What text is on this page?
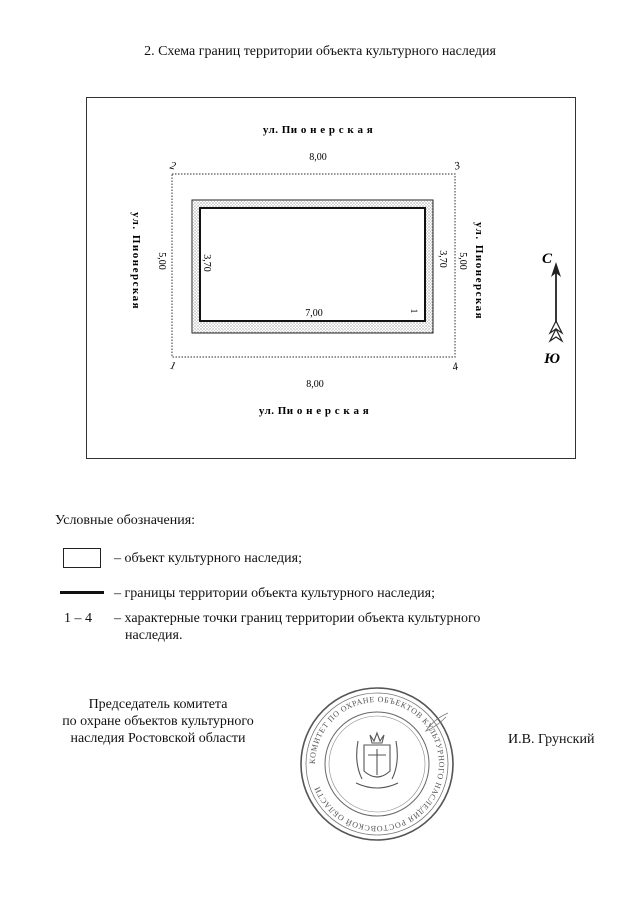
2. Схема границ территории объекта культурного наследия
ул. Пи о н е р с к а я
ул. Пи о н е р с к а я
ул. Пионерская	ул. Пионерская
8,00
8,00
5,00	5,00
7,00
3,70	3,70
1
2	3
1	4
С
Ю
Условные обозначения:
– объект культурного наследия;
– границы территории объекта культурного наследия;
1 – 4 – характерные точки границ территории объекта культурного
наследия.
Председатель комитета
по охране объектов культурного
наследия Ростовской области
КОМИТЕТ ПО ОХРАНЕ ОБЪЕКТОВ КУЛЬТУРНОГО НАСЛЕДИЯ РОСТОВСКОЙ ОБЛАСТИ
И.В. Грунский
